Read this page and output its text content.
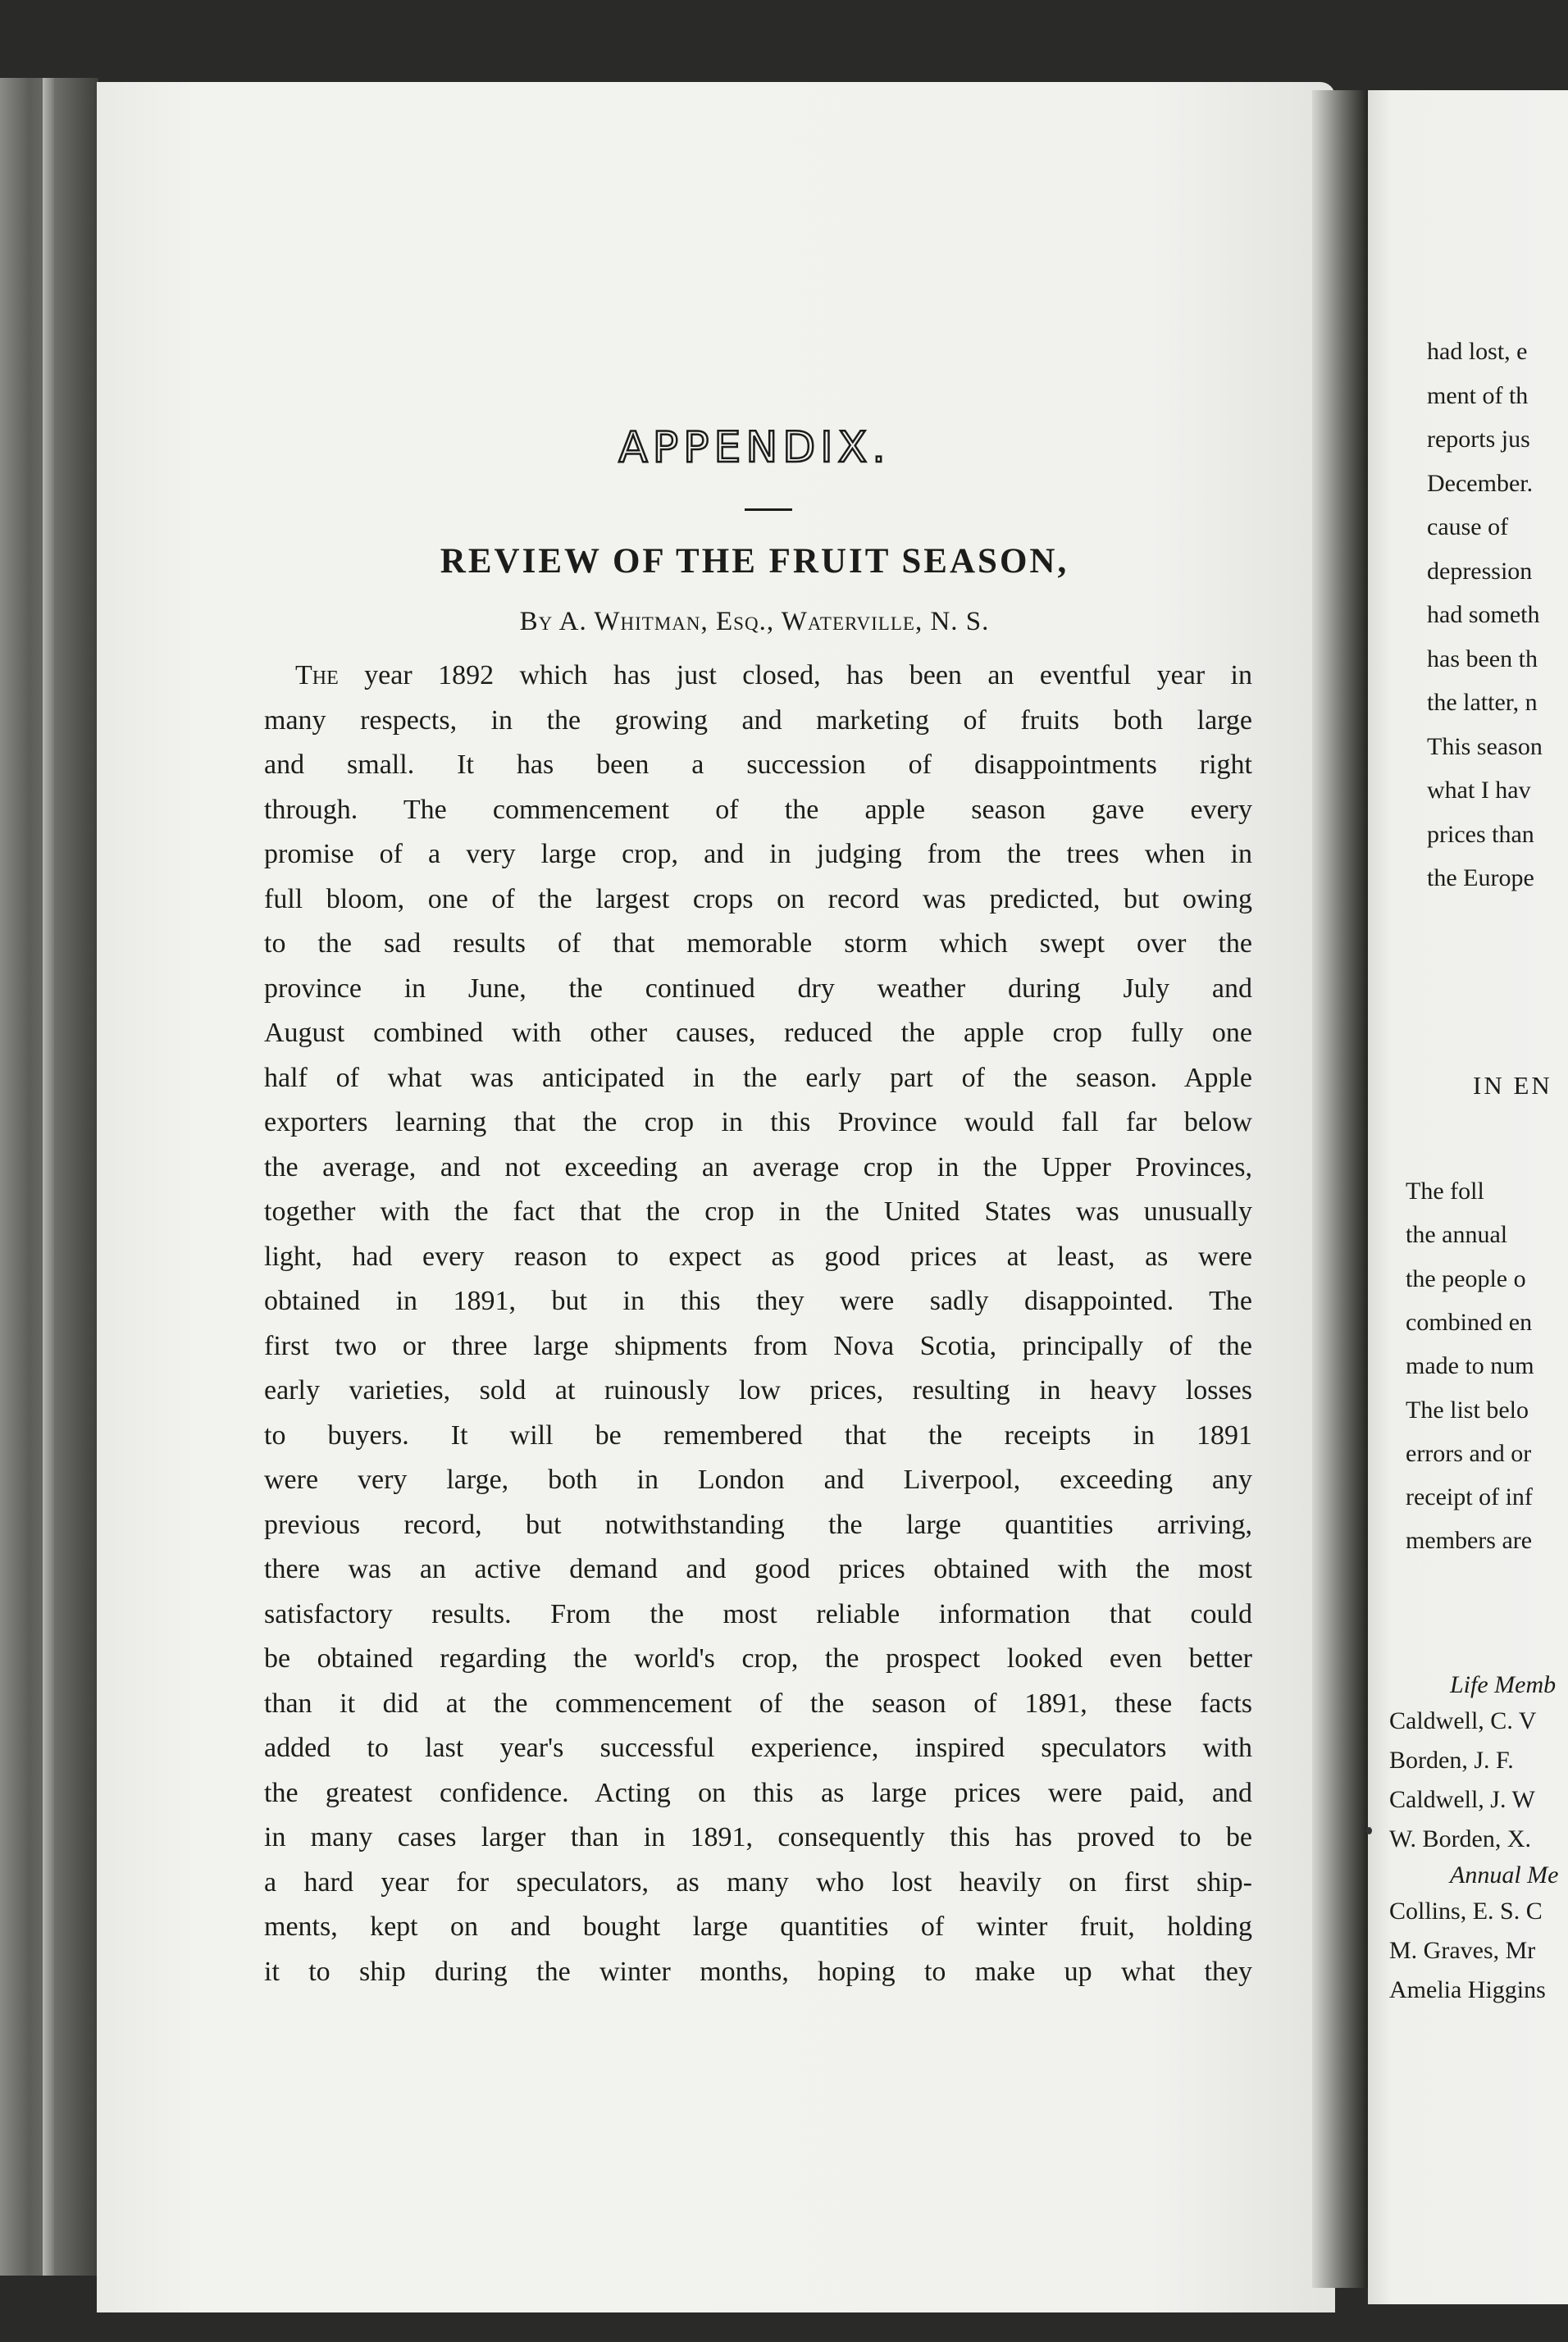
APPENDIX.
REVIEW OF THE FRUIT SEASON,
By A. Whitman, Esq., Waterville, N. S.
The year 1892 which has just closed, has been an eventful year in
many respects, in the growing and marketing of fruits both large
and small. It has been a succession of disappointments right
through. The commencement of the apple season gave every
promise of a very large crop, and in judging from the trees when in
full bloom, one of the largest crops on record was predicted, but owing
to the sad results of that memorable storm which swept over the
province in June, the continued dry weather during July and
August combined with other causes, reduced the apple crop fully one
half of what was anticipated in the early part of the season. Apple
exporters learning that the crop in this Province would fall far below
the average, and not exceeding an average crop in the Upper Provinces,
together with the fact that the crop in the United States was unusually
light, had every reason to expect as good prices at least, as were
obtained in 1891, but in this they were sadly disappointed. The
first two or three large shipments from Nova Scotia, principally of the
early varieties, sold at ruinously low prices, resulting in heavy losses
to buyers. It will be remembered that the receipts in 1891
were very large, both in London and Liverpool, exceeding any
previous record, but notwithstanding the large quantities arriving,
there was an active demand and good prices obtained with the most
satisfactory results. From the most reliable information that could
be obtained regarding the world's crop, the prospect looked even better
than it did at the commencement of the season of 1891, these facts
added to last year's successful experience, inspired speculators with
the greatest confidence. Acting on this as large prices were paid, and
in many cases larger than in 1891, consequently this has proved to be
a hard year for speculators, as many who lost heavily on first ship-
ments, kept on and bought large quantities of winter fruit, holding
it to ship during the winter months, hoping to make up what they
had lost, e
ment of th
reports jus
December.
cause of
depression
had someth
has been th
the latter, n
This season
what I hav
prices than
the Europe
IN EN
The foll
the annual
the people o
combined en
made to num
The list belo
errors and or
receipt of inf
members are
Life Memb
Caldwell, C. V
Borden, J. F.
Caldwell, J. W
W. Borden, X.
Annual Me
Collins, E. S. C
M. Graves, Mr
Amelia Higgins
